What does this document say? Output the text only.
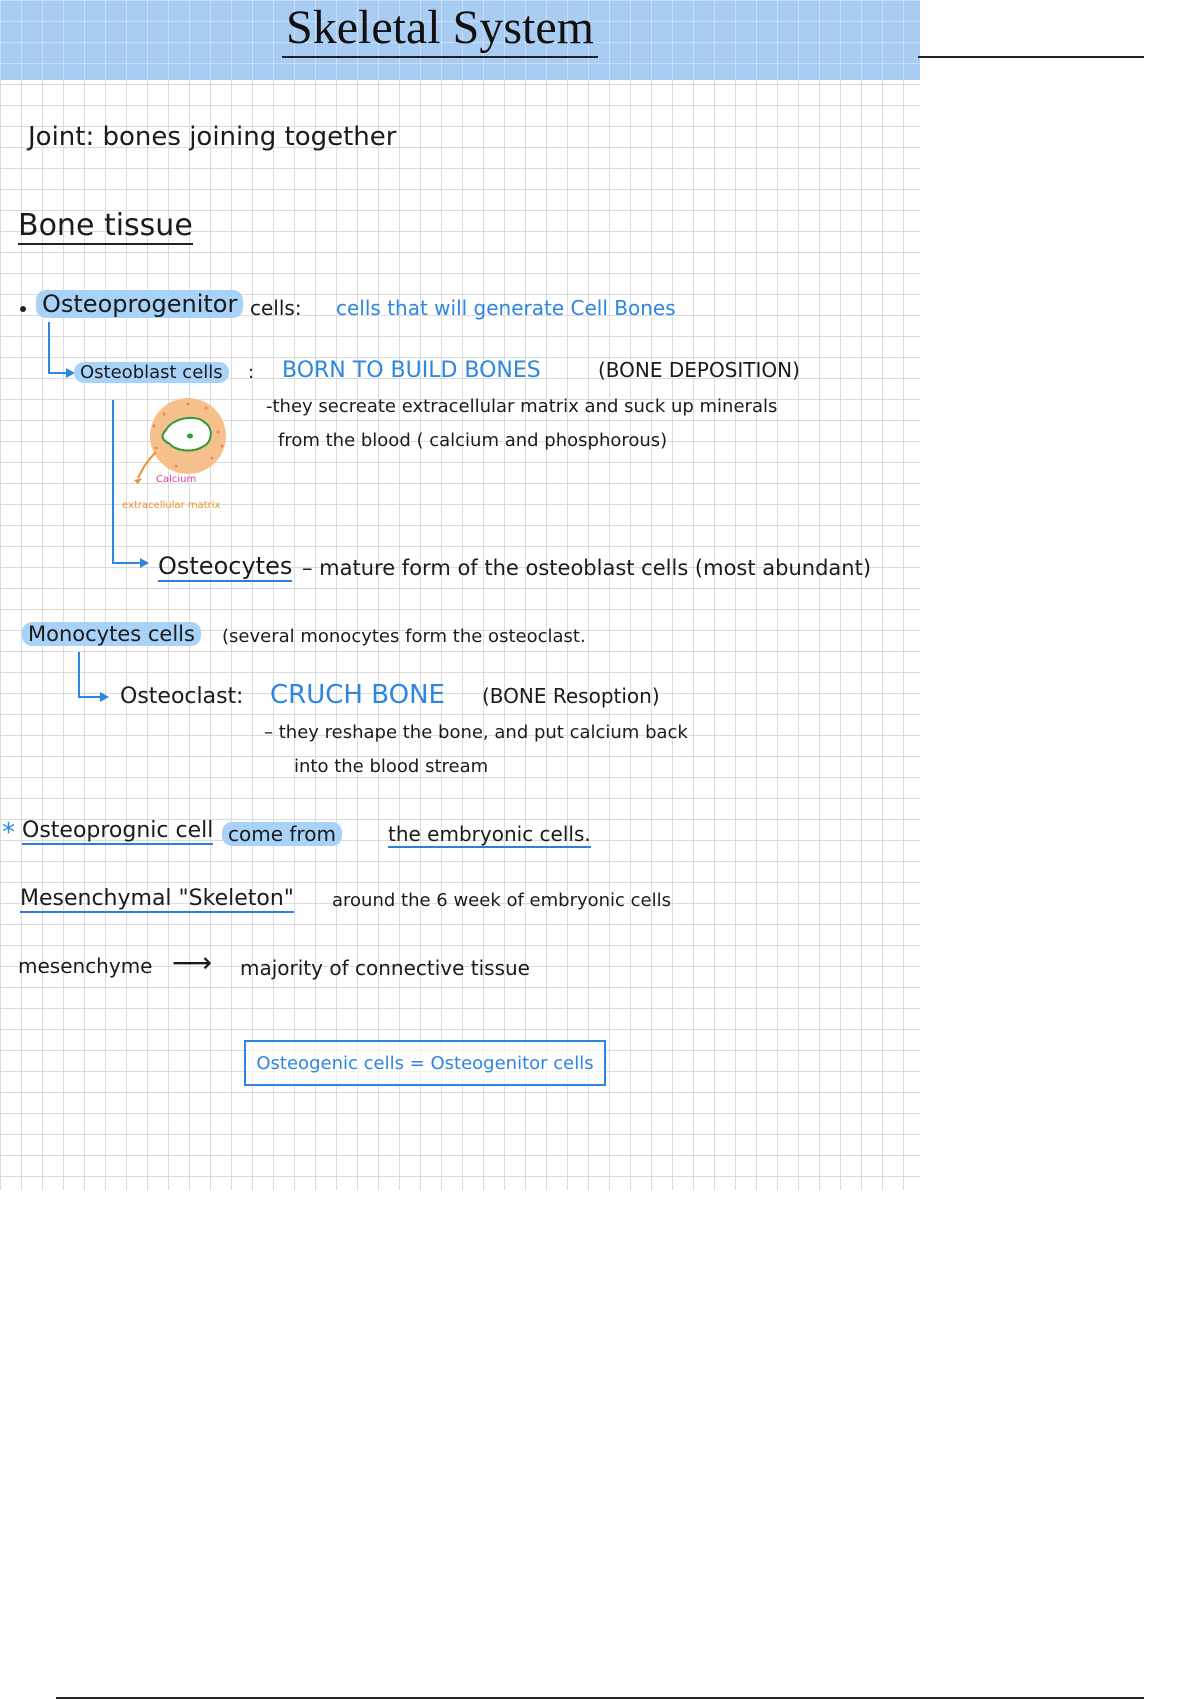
Skeletal System
Joint: bones joining together
Bone tissue
Osteoprogenitor cells: cells that will generate Cell Bones
Osteoblast cells	: BORN TO BUILD BONES	(BONE DEPOSITION)
-they secreate extracellular matrix and suck up minerals
from the blood ( calcium and phosphorous)
Calcium
extracellular matrix
Osteocytes – mature form of the osteoblast cells (most abundant)
Monocytes cells	(several monocytes form the osteoclast.
Osteoclast : CRUCH BONE (BONE Resoption)
– they reshape the bone, and put calcium back
into the blood stream
* Osteoprognic cell come from	the embryonic cells.
Mesenchymal "Skeleton" around the 6 week of embryonic cells
mesenchyme ⟶ majority of connective tissue
Osteogenic cells = Osteogenitor cells
